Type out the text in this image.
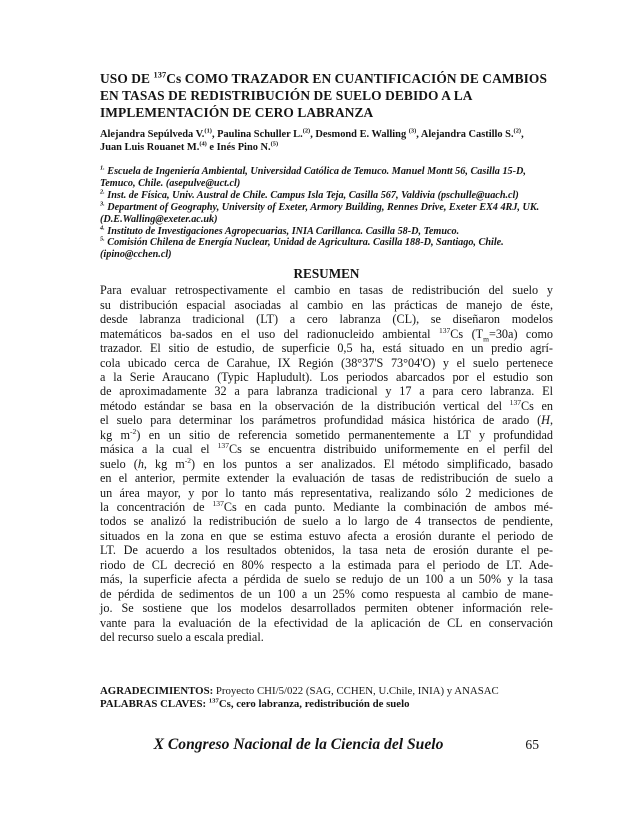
USO DE $^{137}$Cs COMO TRAZADOR EN CUANTIFICACIÓN DE CAMBIOS
EN TASAS DE REDISTRIBUCIÓN DE SUELO DEBIDO A LA
IMPLEMENTACIÓN DE CERO LABRANZA
Alejandra Sepúlveda V.$^{(1)}$, Paulina Schuller L.$^{(2)}$, Desmond E. Walling $^{(3)}$, Alejandra Castillo S.$^{(2)}$,
Juan Luis Rouanet M.$^{(4)}$ e Inés Pino N.$^{(5)}$
$^{1.}$ Escuela de Ingeniería Ambiental, Universidad Católica de Temuco. Manuel Montt 56, Casilla 15-D, Temuco, Chile. (asepulve@uct.cl)
$^{2.}$ Inst. de Física, Univ. Austral de Chile. Campus Isla Teja, Casilla 567, Valdivia (pschulle@uach.cl)
$^{3.}$ Department of Geography, University of Exeter, Armory Building, Rennes Drive, Exeter EX4 4RJ, UK. (D.E.Walling@exeter.ac.uk)
$^{4.}$ Instituto de Investigaciones Agropecuarias, INIA Carillanca. Casilla 58-D, Temuco.
$^{5.}$ Comisión Chilena de Energía Nuclear, Unidad de Agricultura. Casilla 188-D, Santiago, Chile. (ipino@cchen.cl)
RESUMEN
Para evaluar retrospectivamente el cambio en tasas de redistribución del suelo y
su distribución espacial asociadas al cambio en las prácticas de manejo de éste,
desde labranza tradicional (LT) a cero labranza (CL), se diseñaron modelos
matemáticos ba-sados en el uso del radionucleido ambiental $^{137}$Cs $(T_m=30a)$ como
trazador. El sitio de estudio, de superficie 0,5 ha, está situado en un predio agrí-
cola ubicado cerca de Carahue, IX Región (38°37'S 73°04'O) y el suelo pertenece
a la Serie Araucano (Typic Hapludult). Los periodos abarcados por el estudio son
de aproximadamente 32 a para labranza tradicional y 17 a para cero labranza. El
método estándar se basa en la observación de la distribución vertical del $^{137}$Cs en
el suelo para determinar los parámetros profundidad másica histórica de arado (H,
kg $m^{-2}$) en un sitio de referencia sometido permanentemente a LT y profundidad
másica a la cual el $^{137}$Cs se encuentra distribuido uniformemente en el perfil del
suelo (h, kg $m^{-2}$) en los puntos a ser analizados. El método simplificado, basado
en el anterior, permite extender la evaluación de tasas de redistribución de suelo a
un área mayor, y por lo tanto más representativa, realizando sólo 2 mediciones de
la concentración de $^{137}$Cs en cada punto. Mediante la combinación de ambos mé-
todos se analizó la redistribución de suelo a lo largo de 4 transectos de pendiente,
situados en la zona en que se estima estuvo afecta a erosión durante el periodo de
LT. De acuerdo a los resultados obtenidos, la tasa neta de erosión durante el pe-
riodo de CL decreció en 80% respecto a la estimada para el periodo de LT. Ade-
más, la superficie afecta a pérdida de suelo se redujo de un 100 a un 50% y la tasa
de pérdida de sedimentos de un 100 a un 25% como respuesta al cambio de mane-
jo. Se sostiene que los modelos desarrollados permiten obtener información rele-
vante para la evaluación de la efectividad de la aplicación de CL en conservación
del recurso suelo a escala predial.
AGRADECIMIENTOS: Proyecto CHI/5/022 (SAG, CCHEN, U.Chile, INIA) y ANASAC
PALABRAS CLAVES: $^{137}$Cs, cero labranza, redistribución de suelo
X Congreso Nacional de la Ciencia del Suelo	65
